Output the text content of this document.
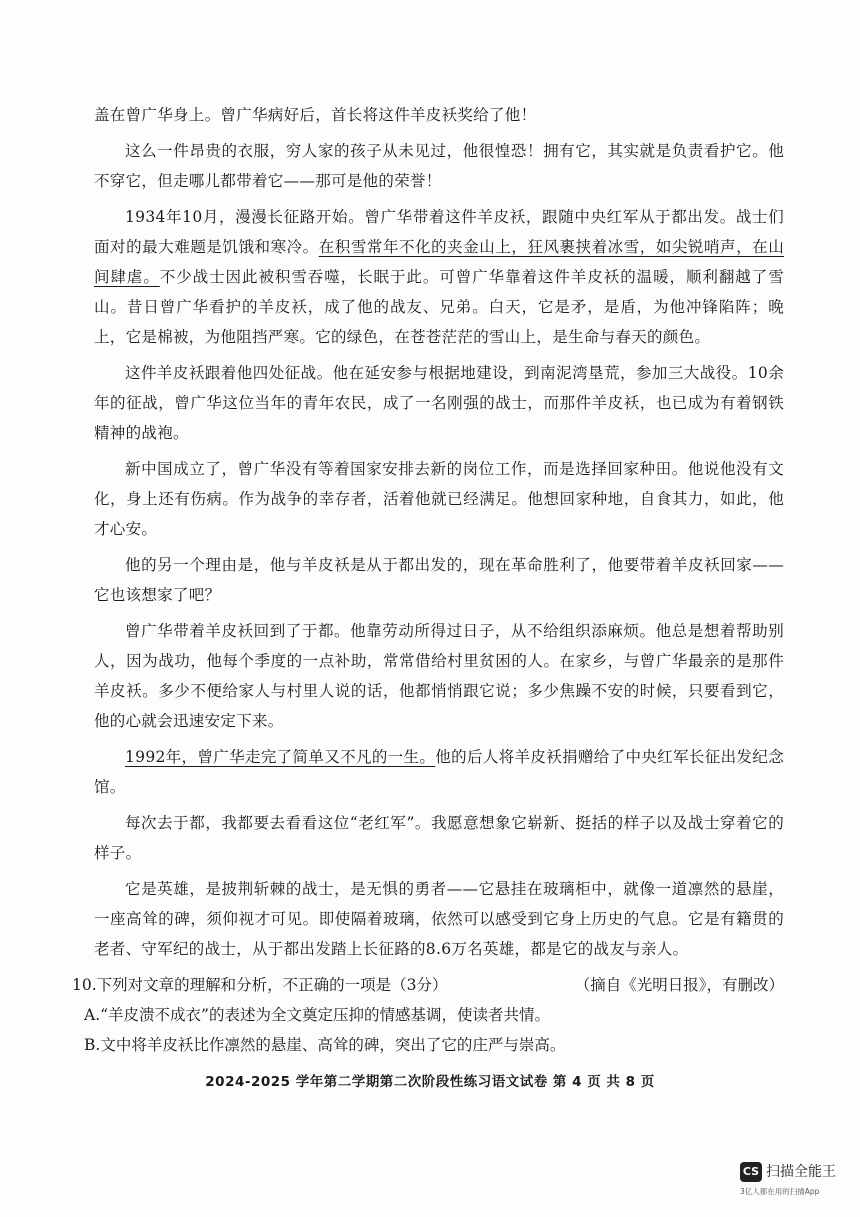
盖在曾广华身上。曾广华病好后，首长将这件羊皮袄奖给了他！

这么一件昂贵的衣服，穷人家的孩子从未见过，他很惶恐！拥有它，其实就是负责看护它。他不穿它，但走哪儿都带着它——那可是他的荣誉！

1934年10月，漫漫长征路开始。曾广华带着这件羊皮袄，跟随中央红军从于都出发。战士们面对的最大难题是饥饿和寒冷。在积雪常年不化的夹金山上，狂风裹挟着冰雪，如尖锐哨声，在山间肆虐。不少战士因此被积雪吞噬，长眠于此。可曾广华靠着这件羊皮袄的温暖，顺利翻越了雪山。昔日曾广华看护的羊皮袄，成了他的战友、兄弟。白天，它是矛，是盾，为他冲锋陷阵；晚上，它是棉被，为他阻挡严寒。它的绿色，在苍苍茫茫的雪山上，是生命与春天的颜色。

这件羊皮袄跟着他四处征战。他在延安参与根据地建设，到南泥湾垦荒，参加三大战役。10余年的征战，曾广华这位当年的青年农民，成了一名刚强的战士，而那件羊皮袄，也已成为有着钢铁精神的战袍。

新中国成立了，曾广华没有等着国家安排去新的岗位工作，而是选择回家种田。他说他没有文化，身上还有伤病。作为战争的幸存者，活着他就已经满足。他想回家种地，自食其力，如此，他才心安。

他的另一个理由是，他与羊皮袄是从于都出发的，现在革命胜利了，他要带着羊皮袄回家——它也该想家了吧？

曾广华带着羊皮袄回到了于都。他靠劳动所得过日子，从不给组织添麻烦。他总是想着帮助别人，因为战功，他每个季度的一点补助，常常借给村里贫困的人。在家乡，与曾广华最亲的是那件羊皮袄。多少不便给家人与村里人说的话，他都悄悄跟它说；多少焦躁不安的时候，只要看到它，他的心就会迅速安定下来。

1992年，曾广华走完了简单又不凡的一生。他的后人将羊皮袄捐赠给了中央红军长征出发纪念馆。

每次去于都，我都要去看看这位“老红军”。我愿意想象它崭新、挺括的样子以及战士穿着它的样子。

它是英雄，是披荆斩棘的战士，是无惧的勇者——它悬挂在玻璃柜中，就像一道凛然的悬崖，一座高耸的碑，须仰视才可见。即使隔着玻璃，依然可以感受到它身上历史的气息。它是有籍贯的老者、守军纪的战士，从于都出发踏上长征路的8.6万名英雄，都是它的战友与亲人。

（摘自《光明日报》，有删改）

10.下列对文章的理解和分析，不正确的一项是（3分）

A.“羊皮溃不成衣”的表述为全文奠定压抑的情感基调，使读者共情。

B.文中将羊皮袄比作凛然的悬崖、高耸的碑，突出了它的庄严与崇高。

2024-2025 学年第二学期第二次阶段性练习语文试卷 第 4 页 共 8 页
CS 扫描全能王
3亿人都在用的扫描App
